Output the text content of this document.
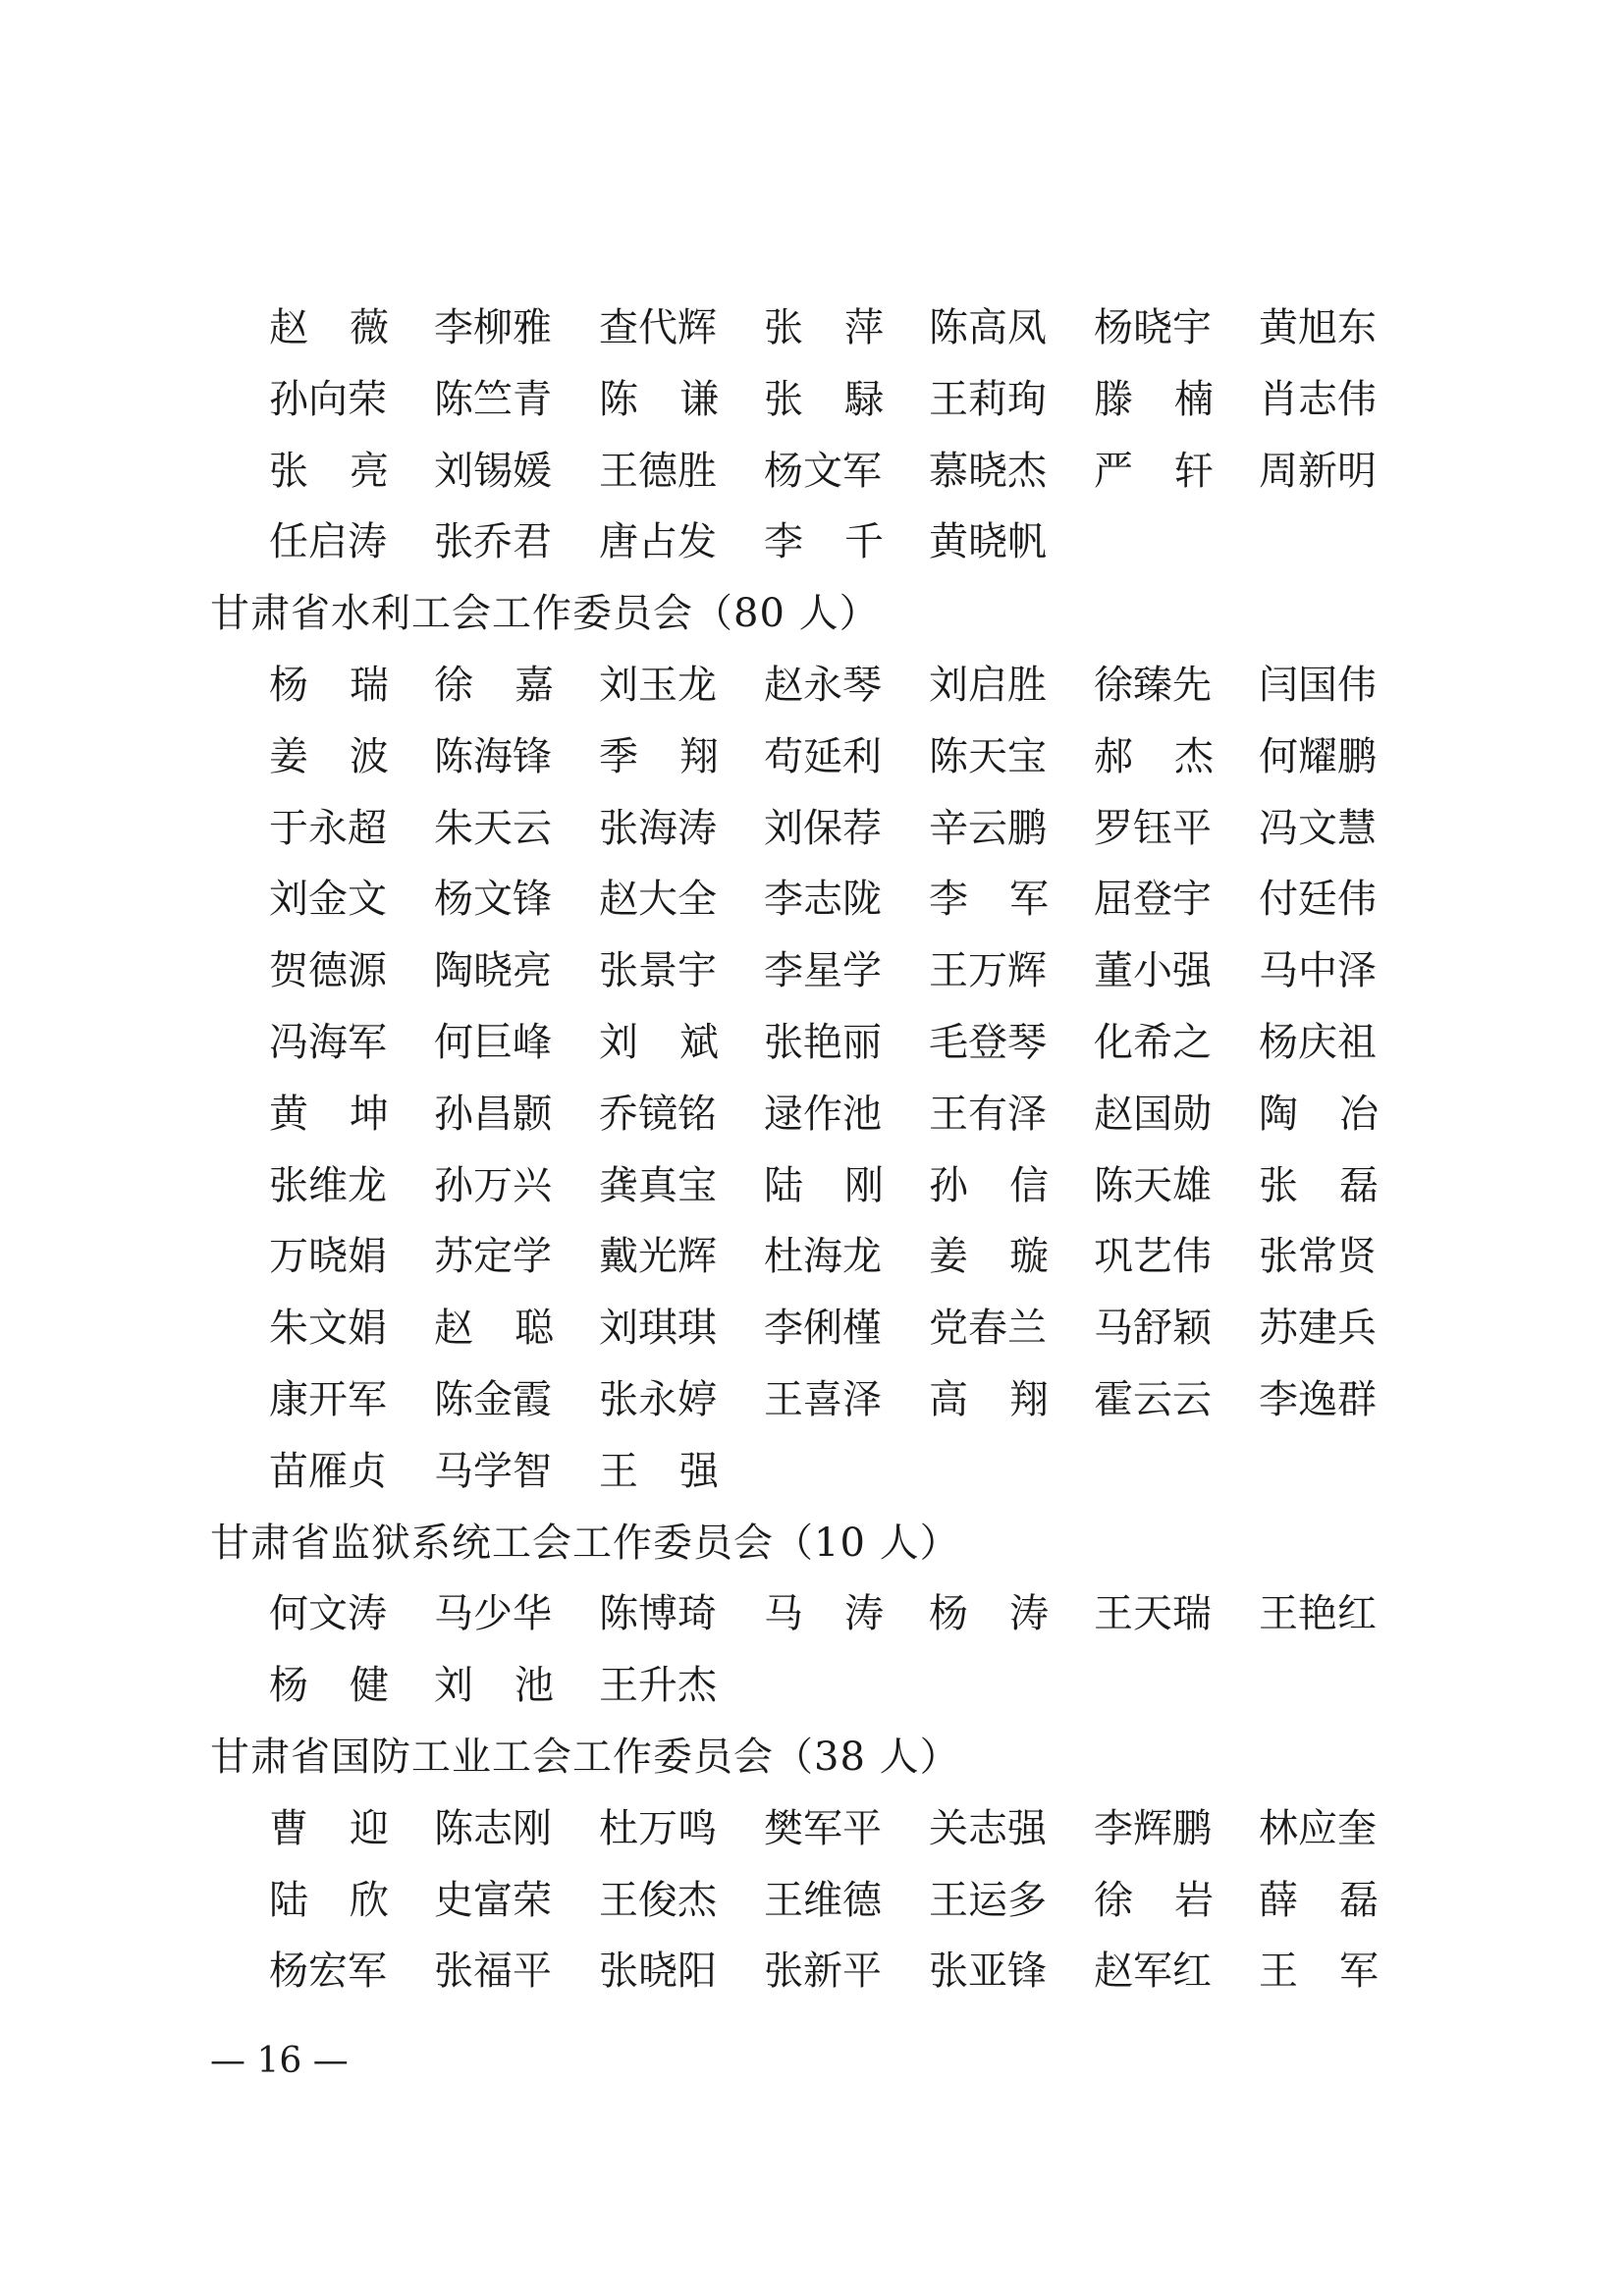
赵 薇 李柳雅 查代辉 张 萍 陈高凤 杨晓宇 黄旭东
孙向荣 陈竺青 陈 谦 张 騄 王莉珣 滕 楠 肖志伟
张 亮 刘锡媛 王德胜 杨文军 慕晓杰 严 轩 周新明
任启涛 张乔君 唐占发 李 千 黄晓帆
甘肃省水利工会工作委员会（80 人）
杨 瑞 徐 嘉 刘玉龙 赵永琴 刘启胜 徐臻先 闫国伟
姜 波 陈海锋 季 翔 苟延利 陈天宝 郝 杰 何耀鹏
于永超 朱天云 张海涛 刘保荐 辛云鹏 罗钰平 冯文慧
刘金文 杨文锋 赵大全 李志陇 李 军 屈登宇 付廷伟
贺德源 陶晓亮 张景宇 李星学 王万辉 董小强 马中泽
冯海军 何巨峰 刘 斌 张艳丽 毛登琴 化希之 杨庆祖
黄 坤 孙昌颢 乔镜铭 逯作池 王有泽 赵国勋 陶 冶
张维龙 孙万兴 龚真宝 陆 刚 孙 信 陈天雄 张 磊
万晓娟 苏定学 戴光辉 杜海龙 姜 璇 巩艺伟 张常贤
朱文娟 赵 聪 刘琪琪 李俐槿 党春兰 马舒颖 苏建兵
康开军 陈金霞 张永婷 王喜泽 高 翔 霍云云 李逸群
苗雁贞 马学智 王 强
甘肃省监狱系统工会工作委员会（10 人）
何文涛 马少华 陈博琦 马 涛 杨 涛 王天瑞 王艳红
杨 健 刘 池 王升杰
甘肃省国防工业工会工作委员会（38 人）
曹 迎 陈志刚 杜万鸣 樊军平 关志强 李辉鹏 林应奎
陆 欣 史富荣 王俊杰 王维德 王运多 徐 岩 薛 磊
杨宏军 张福平 张晓阳 张新平 张亚锋 赵军红 王 军
— 16 —
